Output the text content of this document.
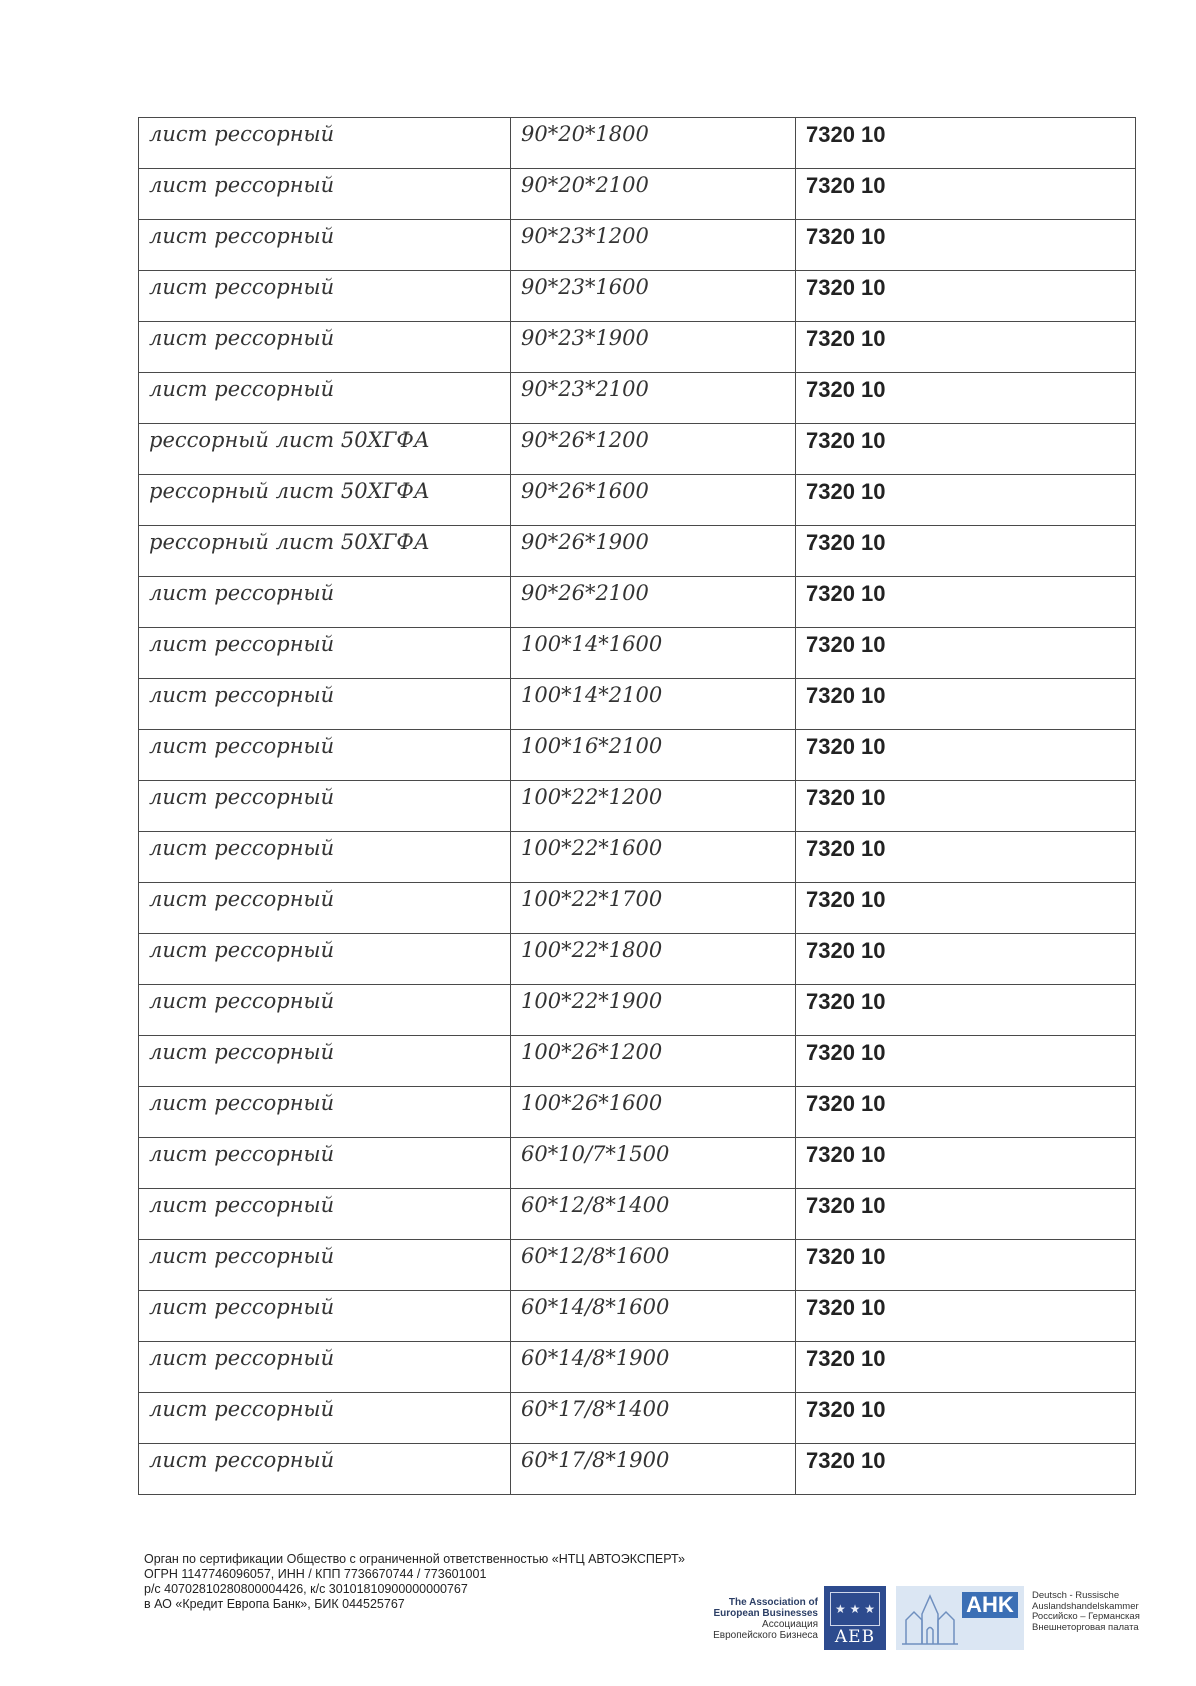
лист рессорный	90*20*1800	7320 10
лист рессорный	90*20*2100	7320 10
лист рессорный	90*23*1200	7320 10
лист рессорный	90*23*1600	7320 10
лист рессорный	90*23*1900	7320 10
лист рессорный	90*23*2100	7320 10
рессорный лист 50ХГФА	90*26*1200	7320 10
рессорный лист 50ХГФА	90*26*1600	7320 10
рессорный лист 50ХГФА	90*26*1900	7320 10
лист рессорный	90*26*2100	7320 10
лист рессорный	100*14*1600	7320 10
лист рессорный	100*14*2100	7320 10
лист рессорный	100*16*2100	7320 10
лист рессорный	100*22*1200	7320 10
лист рессорный	100*22*1600	7320 10
лист рессорный	100*22*1700	7320 10
лист рессорный	100*22*1800	7320 10
лист рессорный	100*22*1900	7320 10
лист рессорный	100*26*1200	7320 10
лист рессорный	100*26*1600	7320 10
лист рессорный	60*10/7*1500	7320 10
лист рессорный	60*12/8*1400	7320 10
лист рессорный	60*12/8*1600	7320 10
лист рессорный	60*14/8*1600	7320 10
лист рессорный	60*14/8*1900	7320 10
лист рессорный	60*17/8*1400	7320 10
лист рессорный	60*17/8*1900	7320 10
Орган по сертификации Общество с ограниченной ответственностью «НТЦ АВТОЭКСПЕРТ»
ОГРН 1147746096057, ИНН / КПП 7736670744 / 773601001
р/с 40702810280800004426, к/с 30101810900000000767
в АО «Кредит Европа Банк», БИК 044525767	The Association of
European Businesses
Ассоциация
Европейского Бизнеса
★ ★ ★
AEB
AHK	Deutsch - Russische
Auslandshandelskammer
Российско – Германская
Внешнеторговая палата
